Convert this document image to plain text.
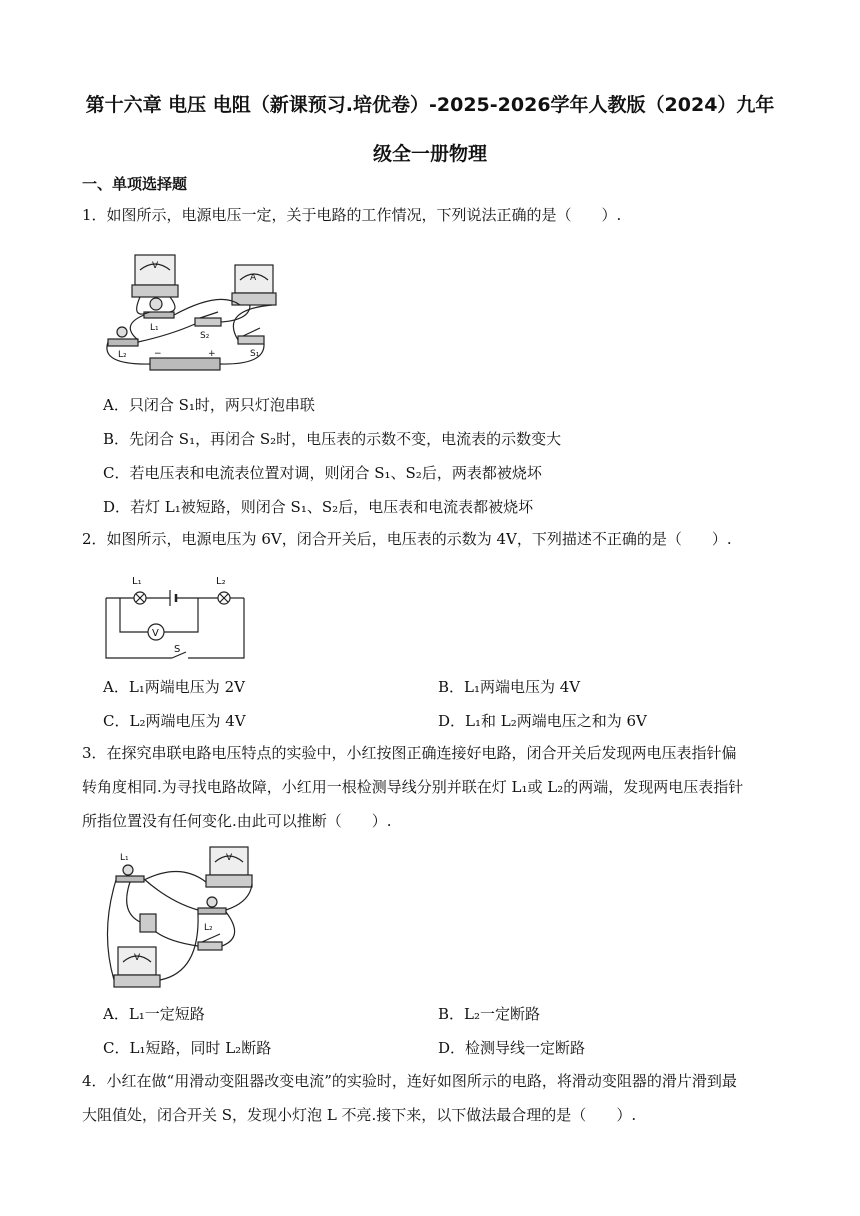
第十六章 电压 电阻（新课预习.培优卷）-2025-2026学年人教版（2024）九年
级全一册物理
一、单项选择题
1．如图所示，电源电压一定，关于电路的工作情况，下列说法正确的是（　　）.
V
A
L₁
L₂	S₁
S₂
−	+
A．只闭合 S₁时，两只灯泡串联
B．先闭合 S₁，再闭合 S₂时，电压表的示数不变，电流表的示数变大
C．若电压表和电流表位置对调，则闭合 S₁、S₂后，两表都被烧坏
D．若灯 L₁被短路，则闭合 S₁、S₂后，电压表和电流表都被烧坏
2．如图所示，电源电压为 6V，闭合开关后，电压表的示数为 4V，下列描述不正确的是（　　）.
L₁	L₂
V
S
A．L₁两端电压为 2V	B．L₁两端电压为 4V
C．L₂两端电压为 4V	D．L₁和 L₂两端电压之和为 6V
3．在探究串联电路电压特点的实验中，小红按图正确连接好电路，闭合开关后发现两电压表指针偏
转角度相同.为寻找电路故障，小红用一根检测导线分别并联在灯 L₁或 L₂的两端，发现两电压表指针
所指位置没有任何变化.由此可以推断（　　）.
L₁
L₂
V
V
A．L₁一定短路	B．L₂一定断路
C．L₁短路，同时 L₂断路	D．检测导线一定断路
4．小红在做“用滑动变阻器改变电流”的实验时，连好如图所示的电路，将滑动变阻器的滑片滑到最
大阻值处，闭合开关 S，发现小灯泡 L 不亮.接下来，以下做法最合理的是（　　）.
